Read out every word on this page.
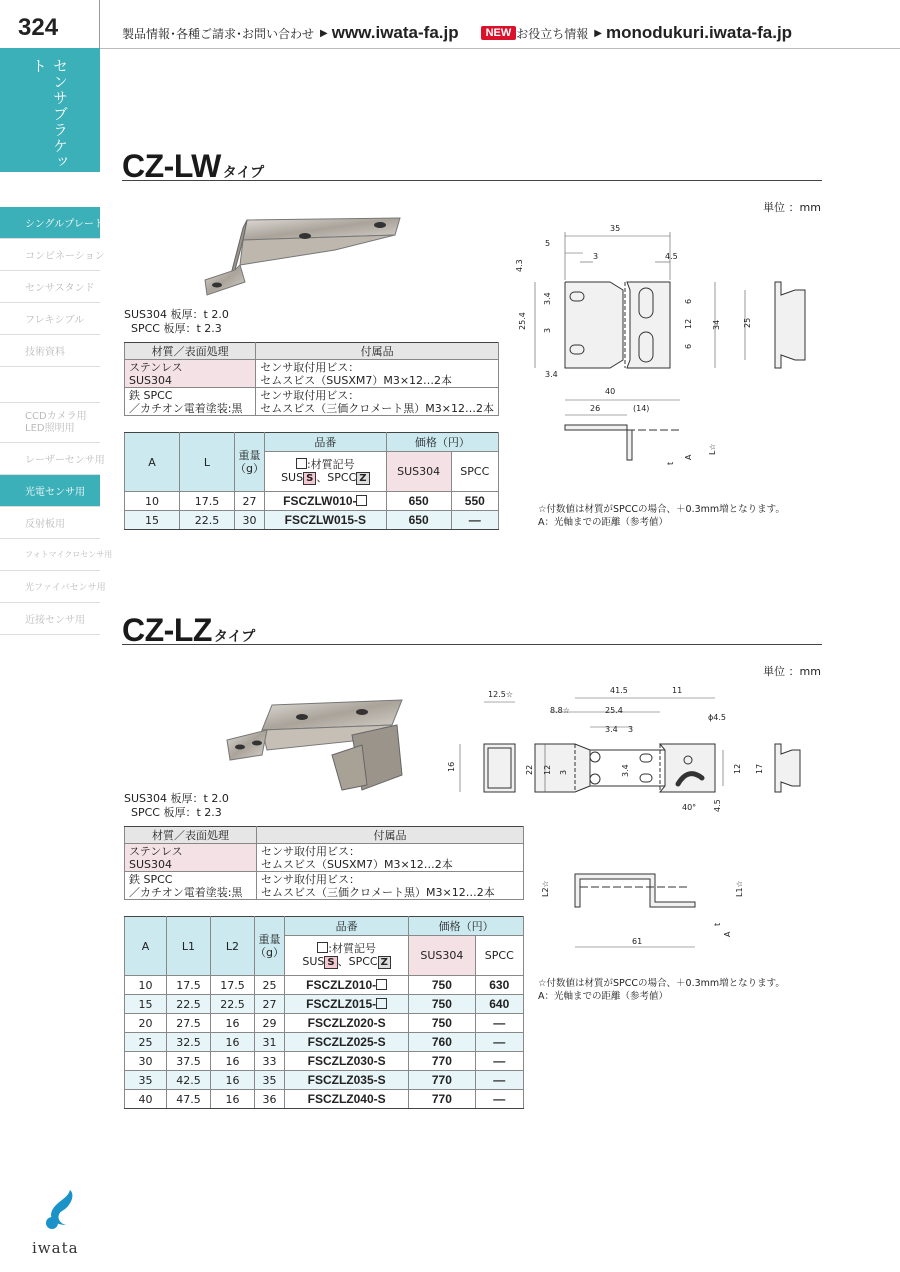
324	製品情報･各種ご請求･お問い合わせ ▶ www.iwata-fa.jp	NEW お役立ち情報 ▶ monodukuri.iwata-fa.jp
センサブラケット
シングルプレート
コンビネーション
センサスタンド
フレキシブル
技術資料
CCDカメラ用
LED照明用
レーザーセンサ用
光電センサ用
反射板用
フォトマイクロセンサ用
光ファイバセンサ用
近接センサ用
CZ-LW タイプ
単位 ：mm
SUS304 板厚：t 2.0
SPCC 板厚：t 2.3
材質／表面処理	付属品
ステンレス
SUS304	センサ取付用ビス：
セムスビス（SUSXM7）M3×12…2本
鉄 SPCC
／カチオン電着塗装:黒	センサ取付用ビス：
セムスビス（三価クロメート黒）M3×12…2本
A	L	重量
（g）	品番	価格（円）	
			:材質記号
SUS S 、SPCC Z	SUS304	SPCC
10	17.5	27	FSCZLW010-	650	550
15	22.5	30	FSCZLW015-S	650	—
35
5
3	4.5
4.3
25.4
3.4
3
6
12
6
34	25
3.4
40
26	(14)
L☆
t
A
☆付数値は材質がSPCCの場合、＋0.3mm増となります。
A：光軸までの距離（参考値）
CZ-LZ タイプ
単位 ：mm
SUS304 板厚：t 2.0
SPCC 板厚：t 2.3
材質／表面処理	付属品
ステンレス
SUS304	センサ取付用ビス：
セムスビス（SUSXM7）M3×12…2本
鉄 SPCC
／カチオン電着塗装:黒	センサ取付用ビス：
セムスビス（三価クロメート黒）M3×12…2本
A	L1	L2	重量
（g）	品番	価格（円）	
				:材質記号
SUS S 、SPCC Z	SUS304	SPCC
10	17.5	17.5	25	FSCZLZ010-	750	630
15	22.5	22.5	27	FSCZLZ015-	750	640
20	27.5	16	29	FSCZLZ020-S	750	—
25	32.5	16	31	FSCZLZ025-S	760	—
30	37.5	16	33	FSCZLZ030-S	770	—
35	42.5	16	35	FSCZLZ035-S	770	—
40	47.5	16	36	FSCZLZ040-S	770	—
12.5☆	41.5	11
8.8☆	25.4
ϕ4.5
3.4 3
16	22 12 3	3.4	12 17
4.5
40°
L2☆	L1☆
t
A
61
☆付数値は材質がSPCCの場合、＋0.3mm増となります。
A：光軸までの距離（参考値）
iwata
